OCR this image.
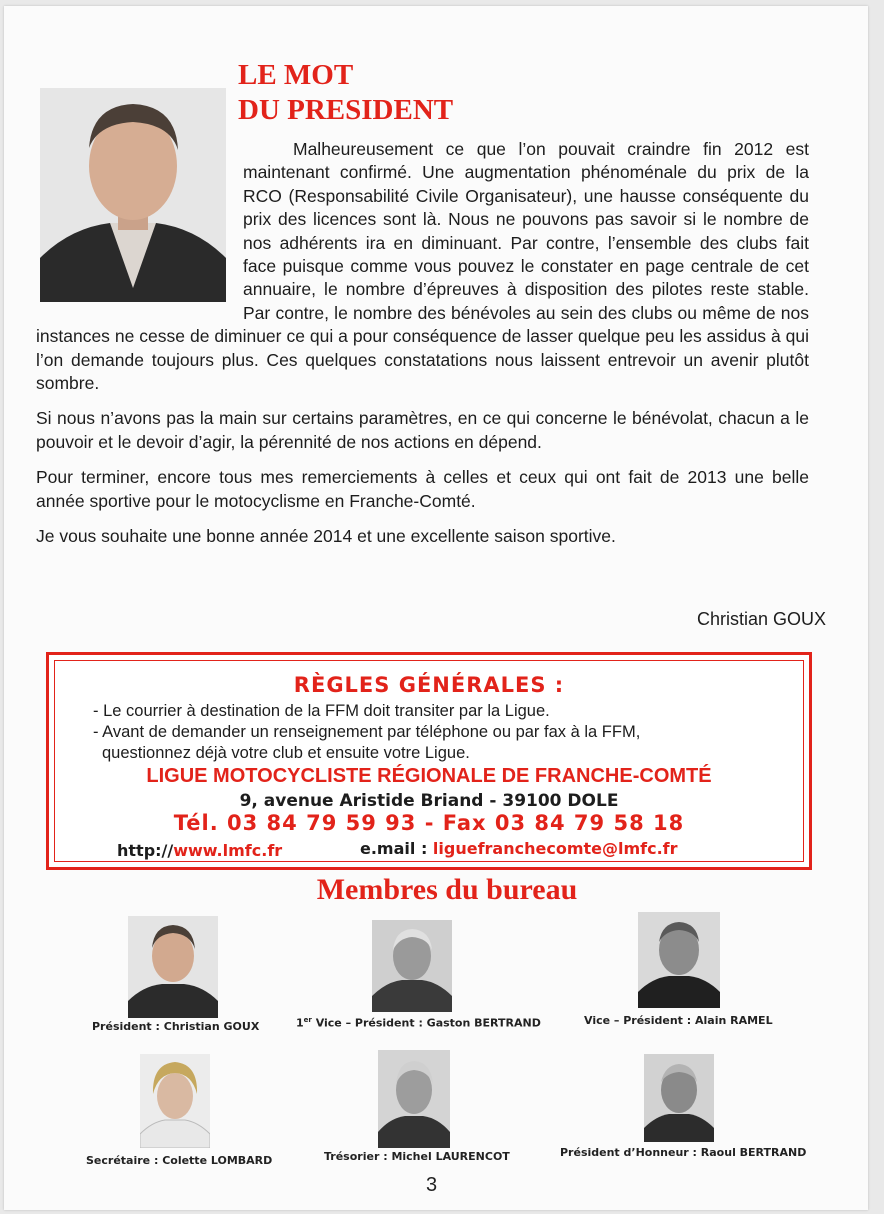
LE MOT
DU PRESIDENT

Malheureusement ce que l’on pouvait craindre fin 2012 est maintenant confirmé. Une augmentation phénoménale du prix de la RCO (Responsabilité Civile Organisateur), une hausse conséquente du prix des licences sont là. Nous ne pouvons pas savoir si le nombre de nos adhérents ira en diminuant. Par contre, l’ensemble des clubs fait face puisque comme vous pouvez le constater en page centrale de cet annuaire, le nombre d’épreuves à disposition des pilotes reste stable. Par contre, le nombre des bénévoles au sein des clubs ou même de nos instances ne cesse de diminuer ce qui a pour conséquence de lasser quelque peu les assidus à qui l’on demande toujours plus. Ces quelques constatations nous laissent entrevoir un avenir plutôt sombre.

Si nous n’avons pas la main sur certains paramètres, en ce qui concerne le bénévolat, chacun a le pouvoir et le devoir d’agir, la pérennité de nos actions en dépend.

Pour terminer, encore tous mes remerciements à celles et ceux qui ont fait de 2013 une belle année sportive pour le motocyclisme en Franche-Comté.

Je vous souhaite une bonne année 2014 et une excellente saison sportive.

Christian GOUX
RÈGLES GÉNÉRALES :
- Le courrier à destination de la FFM doit transiter par la Ligue.
- Avant de demander un renseignement par téléphone ou par fax à la FFM,
questionnez déjà votre club et ensuite votre Ligue.
LIGUE MOTOCYCLISTE RÉGIONALE DE FRANCHE-COMTÉ
9, avenue Aristide Briand - 39100 DOLE
Tél. 03 84 79 59 93 - Fax 03 84 79 58 18
http://www.lmfc.fr	e.mail : liguefranchecomte@lmfc.fr
Membres du bureau
Président : Christian GOUX	1er Vice – Président : Gaston BERTRAND	Vice – Président : Alain RAMEL
Secrétaire : Colette LOMBARD	Trésorier : Michel LAURENCOT	Président d’Honneur : Raoul BERTRAND
3
